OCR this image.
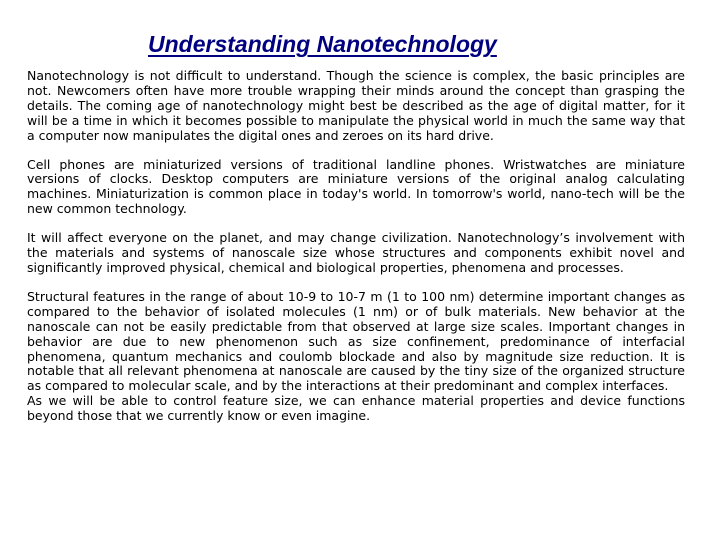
Understanding Nanotechnology

Nanotechnology is not difficult to understand. Though the science is complex, the basic principles are not. Newcomers often have more trouble wrapping their minds around the concept than grasping the details. The coming age of nanotechnology might best be described as the age of digital matter, for it will be a time in which it becomes possible to manipulate the physical world in much the same way that a computer now manipulates the digital ones and zeroes on its hard drive.

Cell phones are miniaturized versions of traditional landline phones. Wristwatches are miniature versions of clocks. Desktop computers are miniature versions of the original analog calculating machines. Miniaturization is common place in today's world. In tomorrow's world, nano-tech will be the new common technology.

It will affect everyone on the planet, and may change civilization. Nanotechnology’s involvement with the materials and systems of nanoscale size whose structures and components exhibit novel and significantly improved physical, chemical and biological properties, phenomena and processes.

Structural features in the range of about 10-9 to 10-7 m (1 to 100 nm) determine important changes as compared to the behavior of isolated molecules (1 nm) or of bulk materials. New behavior at the nanoscale can not be easily predictable from that observed at large size scales. Important changes in behavior are due to new phenomenon such as size confinement, predominance of interfacial phenomena, quantum mechanics and coulomb blockade and also by magnitude size reduction. It is notable that all relevant phenomena at nanoscale are caused by the tiny size of the organized structure as compared to molecular scale, and by the interactions at their predominant and complex interfaces.

As we will be able to control feature size, we can enhance material properties and device functions beyond those that we currently know or even imagine.
